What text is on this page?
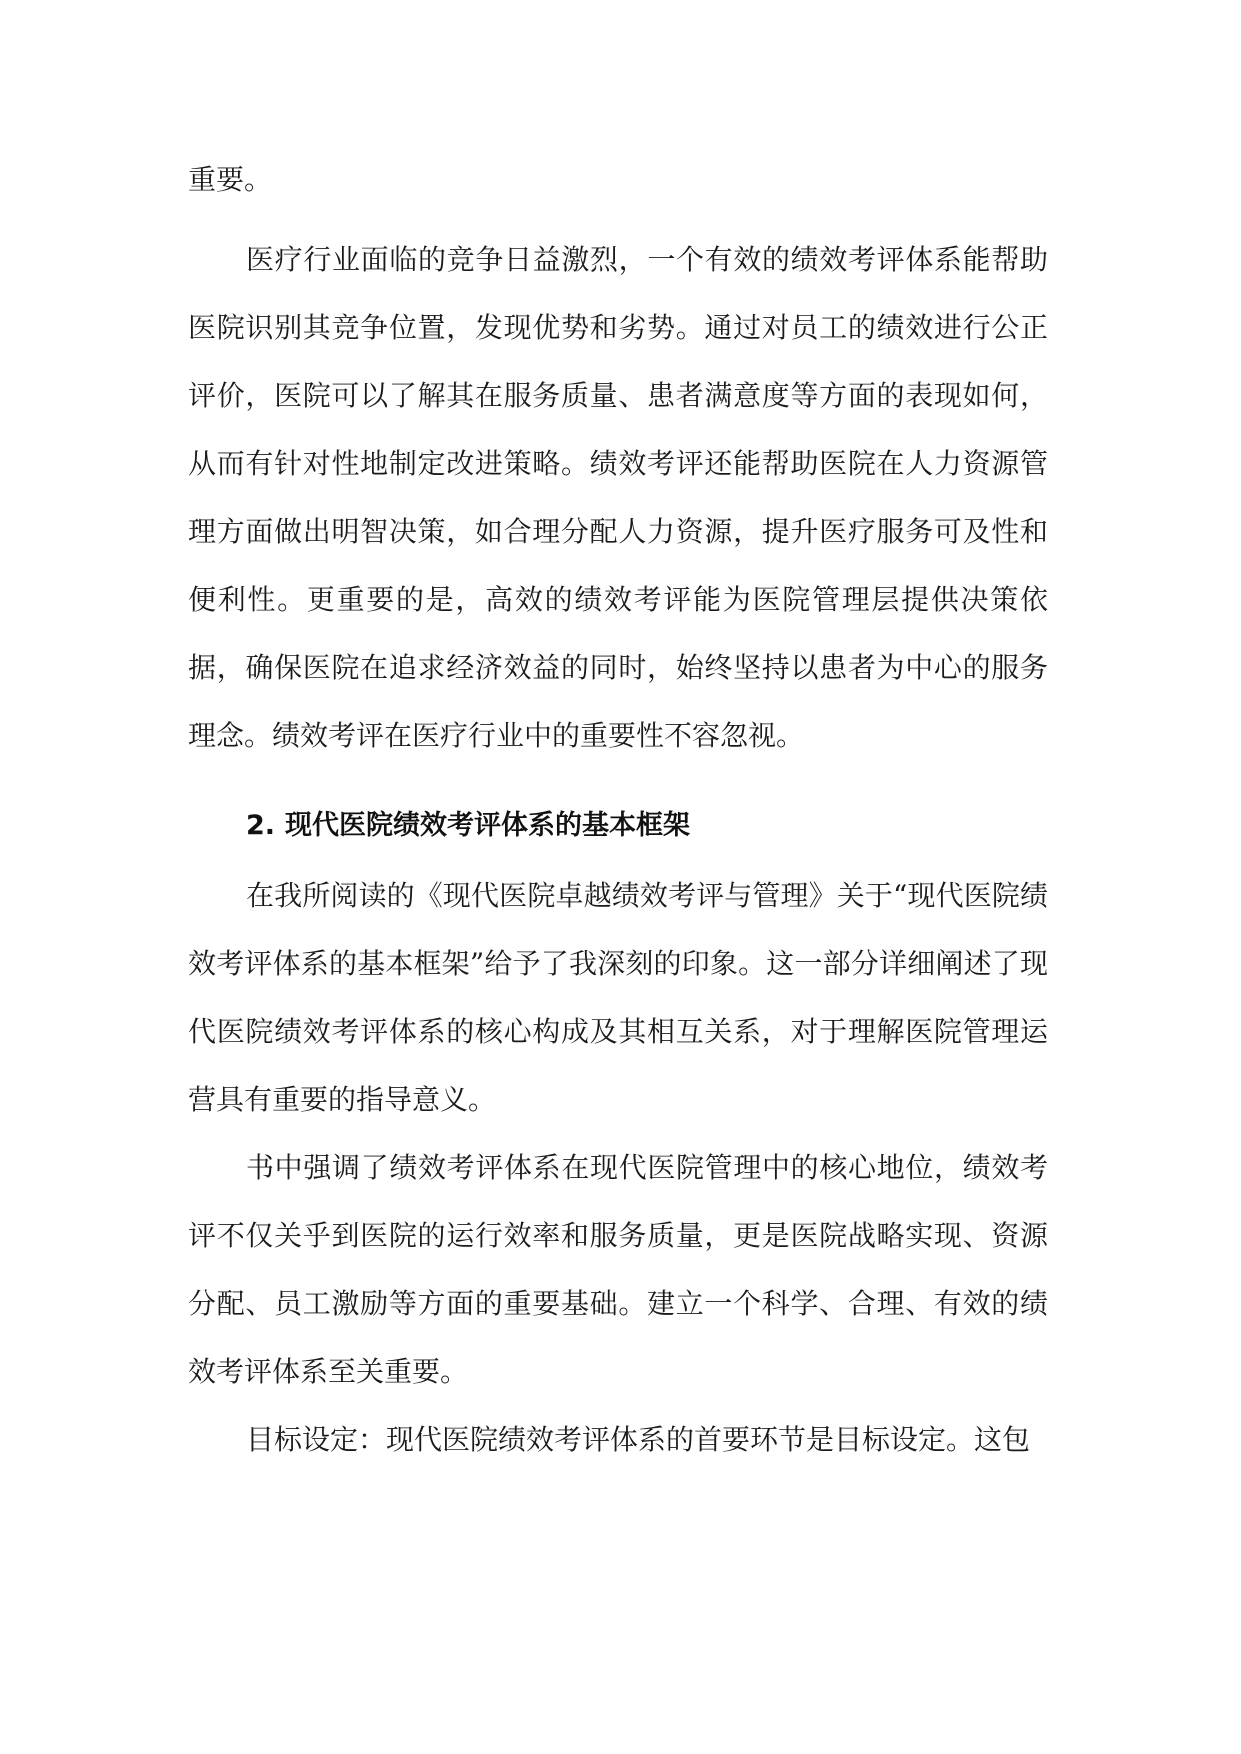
重要。

医疗行业面临的竞争日益激烈，一个有效的绩效考评体系能帮助医院识别其竞争位置，发现优势和劣势。通过对员工的绩效进行公正评价，医院可以了解其在服务质量、患者满意度等方面的表现如何，从而有针对性地制定改进策略。绩效考评还能帮助医院在人力资源管理方面做出明智决策，如合理分配人力资源，提升医疗服务可及性和便利性。更重要的是，高效的绩效考评能为医院管理层提供决策依据，确保医院在追求经济效益的同时，始终坚持以患者为中心的服务理念。绩效考评在医疗行业中的重要性不容忽视。

2. 现代医院绩效考评体系的基本框架

在我所阅读的《现代医院卓越绩效考评与管理》关于“现代医院绩效考评体系的基本框架”给予了我深刻的印象。这一部分详细阐述了现代医院绩效考评体系的核心构成及其相互关系，对于理解医院管理运营具有重要的指导意义。

书中强调了绩效考评体系在现代医院管理中的核心地位，绩效考评不仅关乎到医院的运行效率和服务质量，更是医院战略实现、资源分配、员工激励等方面的重要基础。建立一个科学、合理、有效的绩效考评体系至关重要。

目标设定：现代医院绩效考评体系的首要环节是目标设定。这包
